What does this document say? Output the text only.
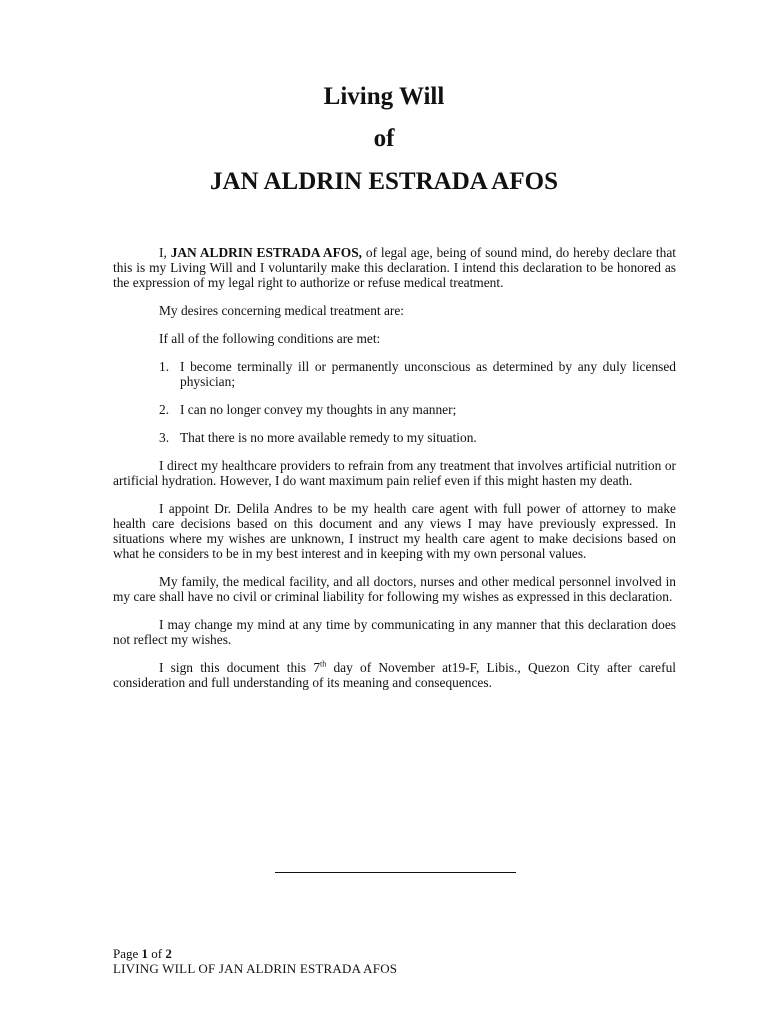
Living Will
of
JAN ALDRIN ESTRADA AFOS

I, JAN ALDRIN ESTRADA AFOS, of legal age, being of sound mind, do hereby declare that this is my Living Will and I voluntarily make this declaration. I intend this declaration to be honored as the expression of my legal right to authorize or refuse medical treatment.

My desires concerning medical treatment are:

If all of the following conditions are met:

1. I become terminally ill or permanently unconscious as determined by any duly licensed physician;
2. I can no longer convey my thoughts in any manner;
3. That there is no more available remedy to my situation.

I direct my healthcare providers to refrain from any treatment that involves artificial nutrition or artificial hydration. However, I do want maximum pain relief even if this might hasten my death.

I appoint Dr. Delila Andres to be my health care agent with full power of attorney to make health care decisions based on this document and any views I may have previously expressed. In situations where my wishes are unknown, I instruct my health care agent to make decisions based on what he considers to be in my best interest and in keeping with my own personal values.

My family, the medical facility, and all doctors, nurses and other medical personnel involved in my care shall have no civil or criminal liability for following my wishes as expressed in this declaration.

I may change my mind at any time by communicating in any manner that this declaration does not reflect my wishes.

I sign this document this 7th day of November at19-F, Libis., Quezon City after careful consideration and full understanding of its meaning and consequences.

Page 1 of 2
LIVING WILL OF JAN ALDRIN ESTRADA AFOS
